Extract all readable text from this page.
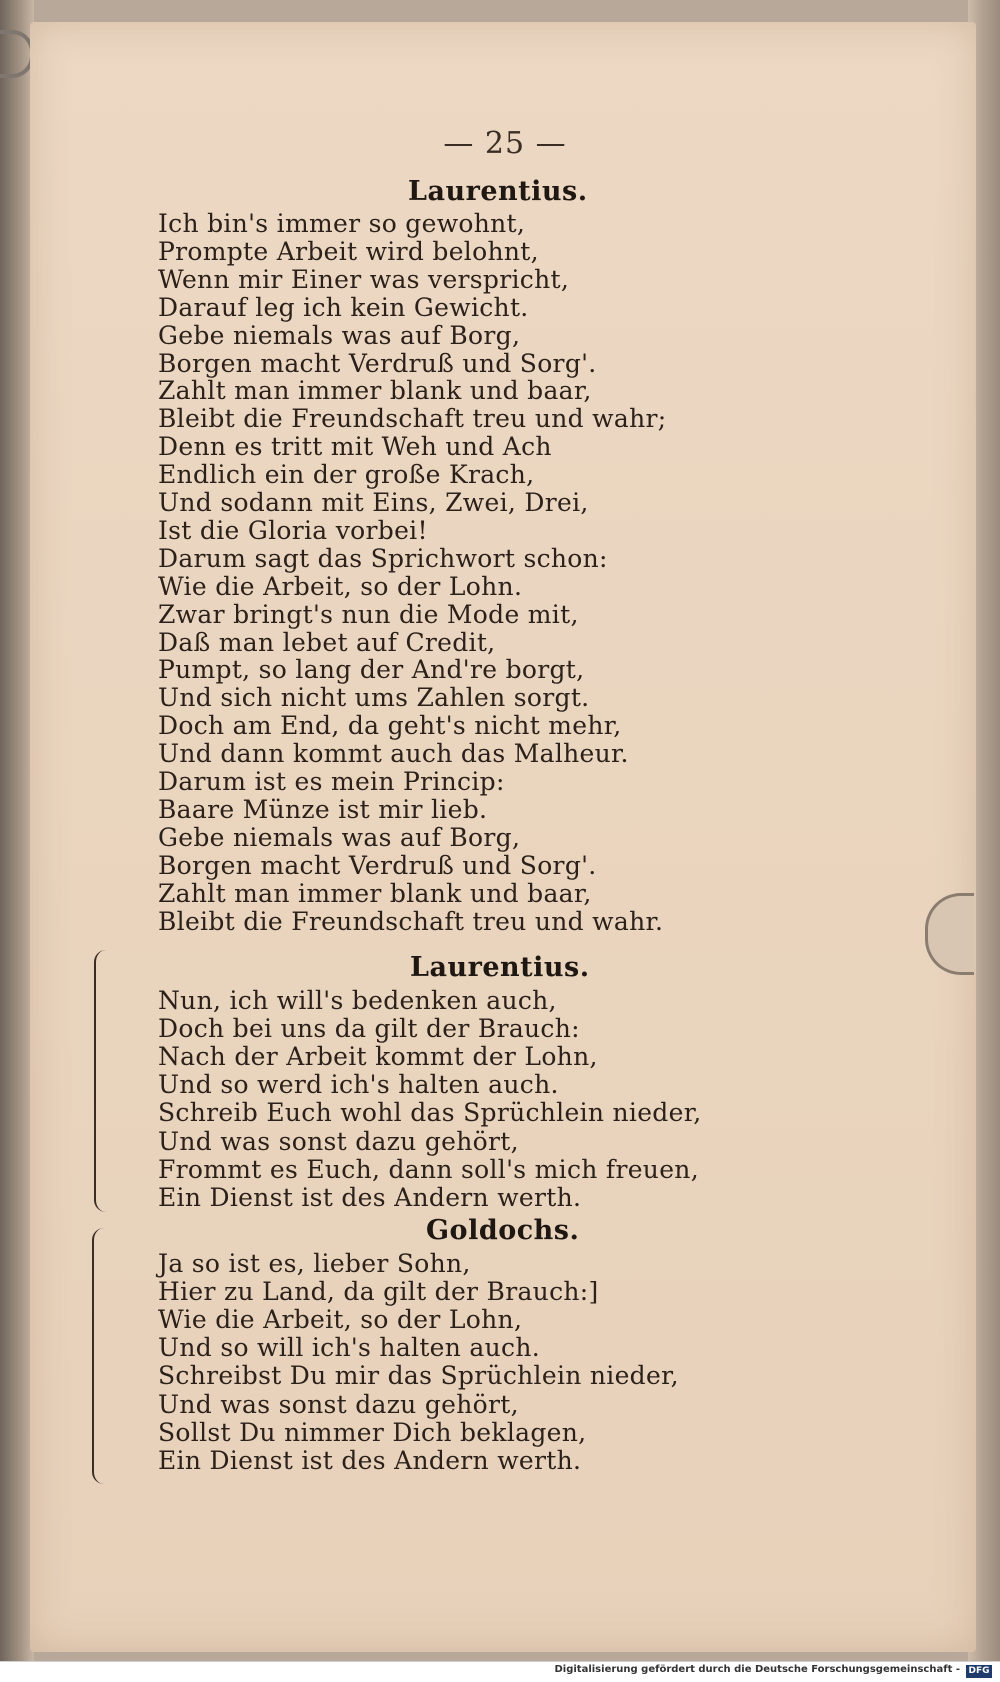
— 25 —
Laurentius.
Ich bin's immer so gewohnt,
Prompte Arbeit wird belohnt,
Wenn mir Einer was verspricht,
Darauf leg ich kein Gewicht.
Gebe niemals was auf Borg,
Borgen macht Verdruß und Sorg'.
Zahlt man immer blank und baar,
Bleibt die Freundschaft treu und wahr;
Denn es tritt mit Weh und Ach
Endlich ein der große Krach,
Und sodann mit Eins, Zwei, Drei,
Ist die Gloria vorbei!
Darum sagt das Sprichwort schon:
Wie die Arbeit, so der Lohn.
Zwar bringt's nun die Mode mit,
Daß man lebet auf Credit,
Pumpt, so lang der And're borgt,
Und sich nicht ums Zahlen sorgt.
Doch am End, da geht's nicht mehr,
Und dann kommt auch das Malheur.
Darum ist es mein Princip:
Baare Münze ist mir lieb.
Gebe niemals was auf Borg,
Borgen macht Verdruß und Sorg'.
Zahlt man immer blank und baar,
Bleibt die Freundschaft treu und wahr.
Laurentius.
Nun, ich will's bedenken auch,
Doch bei uns da gilt der Brauch:
Nach der Arbeit kommt der Lohn,
Und so werd ich's halten auch.
Schreib Euch wohl das Sprüchlein nieder,
Und was sonst dazu gehört,
Frommt es Euch, dann soll's mich freuen,
Ein Dienst ist des Andern werth.
Goldochs.
Ja so ist es, lieber Sohn,
Hier zu Land, da gilt der Brauch:]
Wie die Arbeit, so der Lohn,
Und so will ich's halten auch.
Schreibst Du mir das Sprüchlein nieder,
Und was sonst dazu gehört,
Sollst Du nimmer Dich beklagen,
Ein Dienst ist des Andern werth.
Digitalisierung gefördert durch die Deutsche Forschungsgemeinschaft - DFG
